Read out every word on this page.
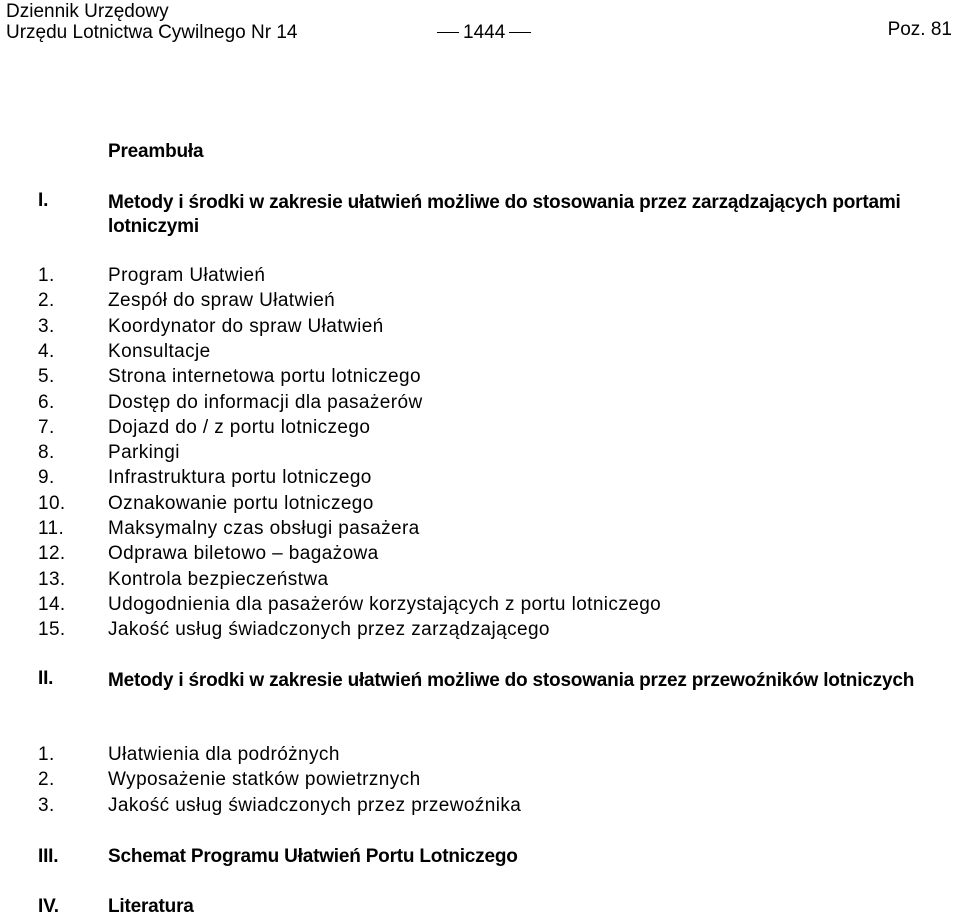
Dziennik Urzędowy
Urzędu Lotnictwa Cywilnego Nr 14	1444	Poz. 81
Preambuła
I.	Metody i środki w zakresie ułatwień możliwe do stosowania przez zarządzających portami lotniczymi
1.	Program Ułatwień
2.	Zespół do spraw Ułatwień
3.	Koordynator do spraw Ułatwień
4.	Konsultacje
5.	Strona internetowa portu lotniczego
6.	Dostęp do informacji dla pasażerów
7.	Dojazd do / z portu lotniczego
8.	Parkingi
9.	Infrastruktura portu lotniczego
10. Oznakowanie portu lotniczego
11. Maksymalny czas obsługi pasażera
12. Odprawa biletowo – bagażowa
13. Kontrola bezpieczeństwa
14. Udogodnienia dla pasażerów korzystających z portu lotniczego
15. Jakość usług świadczonych przez zarządzającego
II.	Metody i środki w zakresie ułatwień możliwe do stosowania przez przewoźników lotniczych
1.	Ułatwienia dla podróżnych
2.	Wyposażenie statków powietrznych
3.	Jakość usług świadczonych przez przewoźnika
III.	Schemat Programu Ułatwień Portu Lotniczego
IV.	Literatura
